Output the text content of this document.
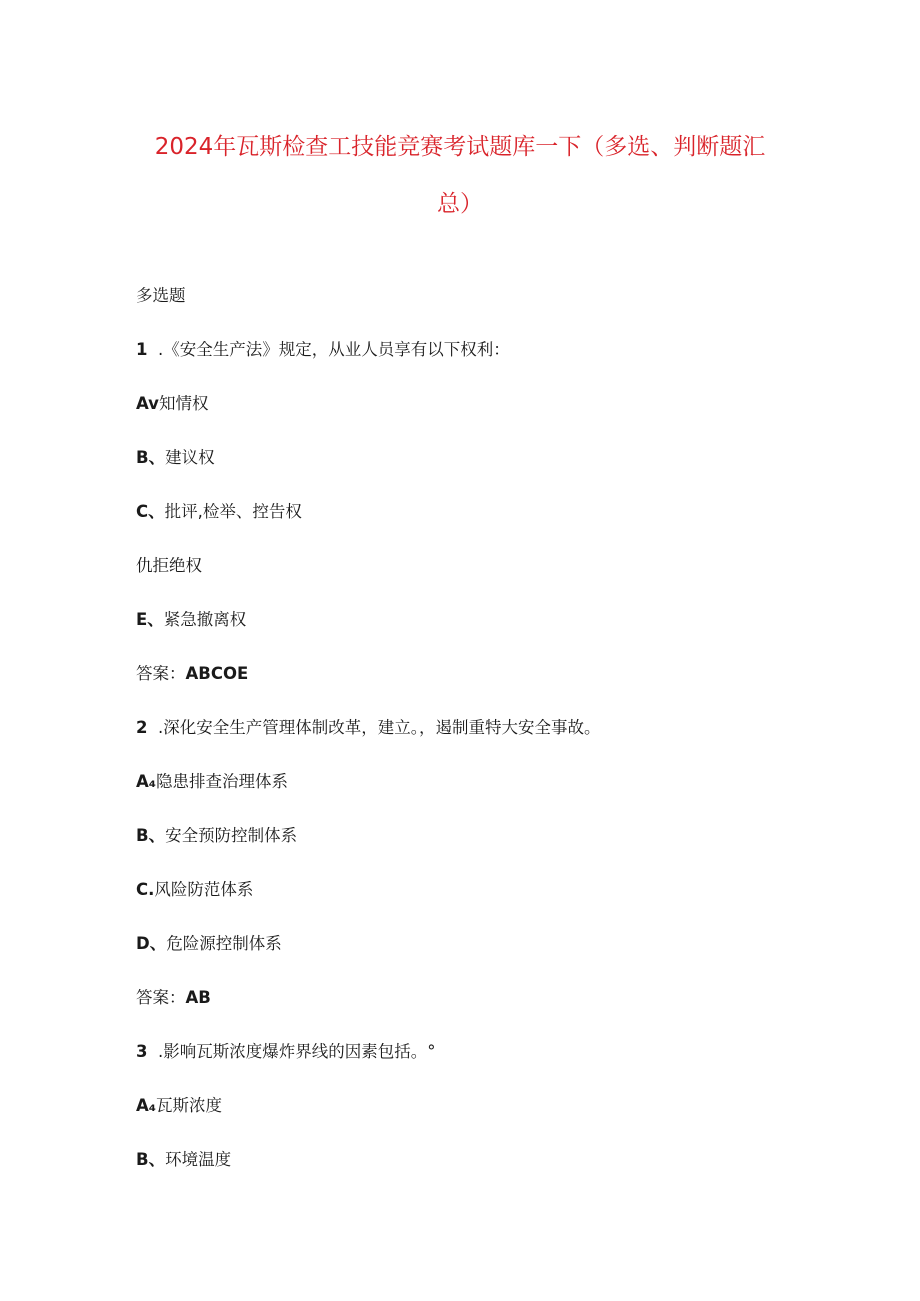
2024年瓦斯检查工技能竞赛考试题库一下（多选、判断题汇
总）
多选题
1 .《安全生产法》规定，从业人员享有以下权利：
Av知情权
B、建议权
C、批评,检举、控告权
仇拒绝权
E、紧急撤离权
答案：ABCOE
2 .深化安全生产管理体制改革，建立。，遏制重特大安全事故。
A₄隐患排查治理体系
B、安全预防控制体系
C.风险防范体系
D、危险源控制体系
答案：AB
3 .影响瓦斯浓度爆炸界线的因素包括。°
A₄瓦斯浓度
B、环境温度
